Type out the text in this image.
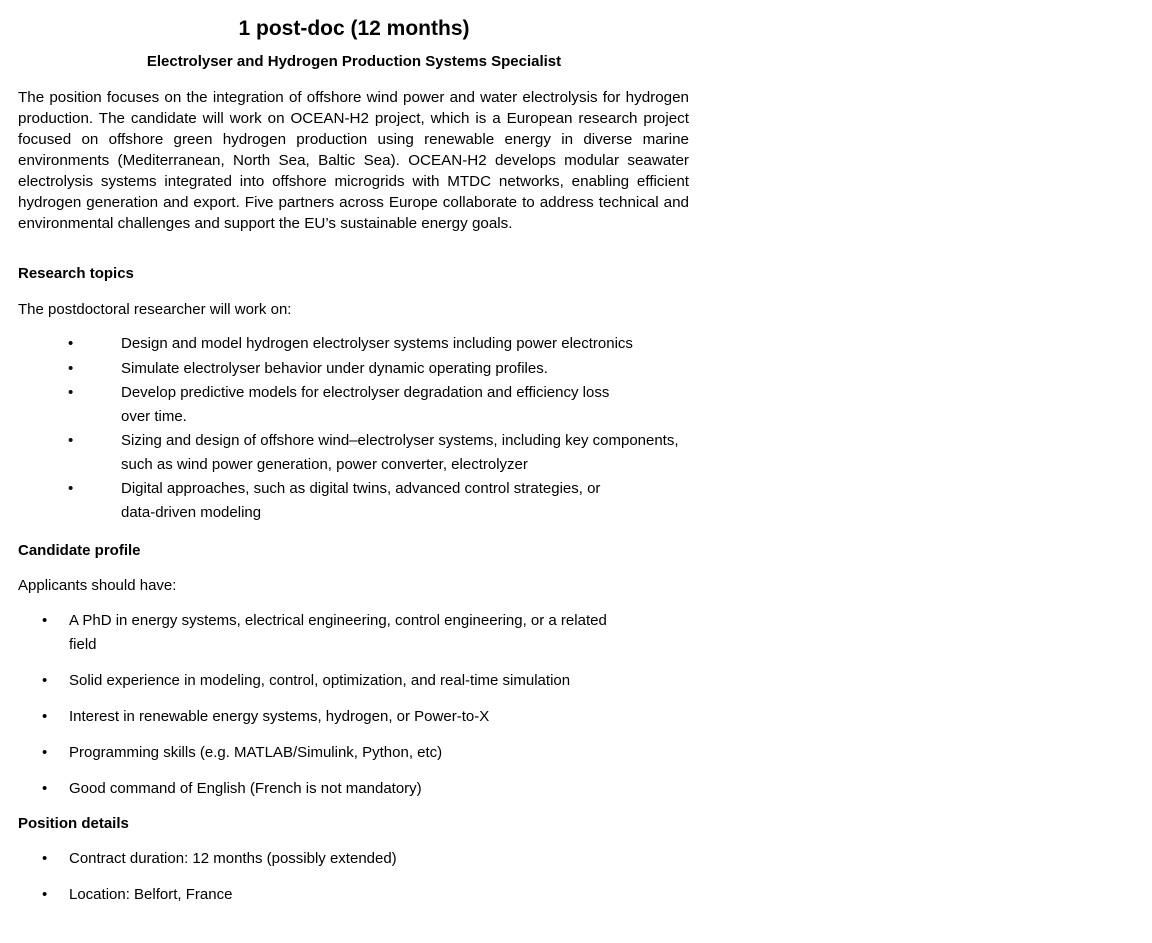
1 post-doc (12 months)
Electrolyser and Hydrogen Production Systems Specialist

The position focuses on the integration of offshore wind power and water electrolysis for hydrogen production. The candidate will work on OCEAN-H2 project, which is a European research project focused on offshore green hydrogen production using renewable energy in diverse marine environments (Mediterranean, North Sea, Baltic Sea). OCEAN-H2 develops modular seawater electrolysis systems integrated into offshore microgrids with MTDC networks, enabling efficient hydrogen generation and export. Five partners across Europe collaborate to address technical and environmental challenges and support the EU’s sustainable energy goals.

Research topics
The postdoctoral researcher will work on:
•	Design and model hydrogen electrolyser systems including power electronics
•	Simulate electrolyser behavior under dynamic operating profiles.
•	Develop predictive models for electrolyser degradation and efficiency loss over time.
•	Sizing and design of offshore wind–electrolyser systems, including key components, such as wind power generation, power converter, electrolyzer
•	Digital approaches, such as digital twins, advanced control strategies, or data-driven modeling
Candidate profile
Applicants should have:
• A PhD in energy systems, electrical engineering, control engineering, or a related field
• Solid experience in modeling, control, optimization, and real-time simulation
• Interest in renewable energy systems, hydrogen, or Power-to-X
• Programming skills (e.g. MATLAB/Simulink, Python, etc)
• Good command of English (French is not mandatory)
Position details
• Contract duration: 12 months (possibly extended)
• Location: Belfort, France
